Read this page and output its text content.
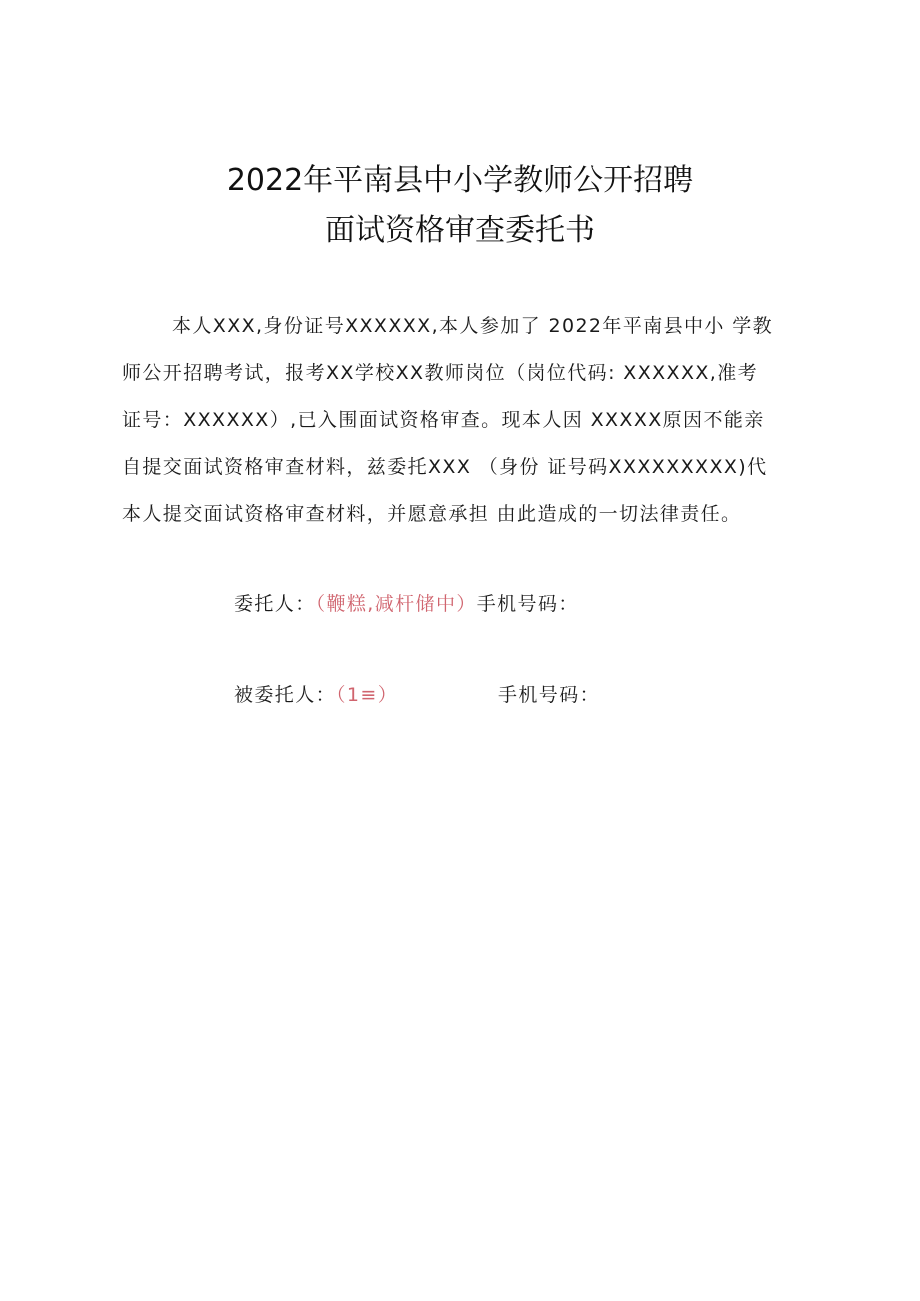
2022年平南县中小学教师公开招聘
面试资格审查委托书
本人XXX,身份证号XXXXXX,本人参加了 2022年平南县中小 学教
师公开招聘考试，报考XX学校XX教师岗位（岗位代码: XXXXXX,准考
证号：XXXXXX）,已入围面试资格审查。现本人因 XXXXX原因不能亲
自提交面试资格审查材料，兹委托XXX （身份 证号码XXXXXXXXX)代
本人提交面试资格审查材料，并愿意承担 由此造成的一切法律责任。
委托人：（鞭糕,减杆储中）手机号码：
被委托人：（1≡）	手机号码：
